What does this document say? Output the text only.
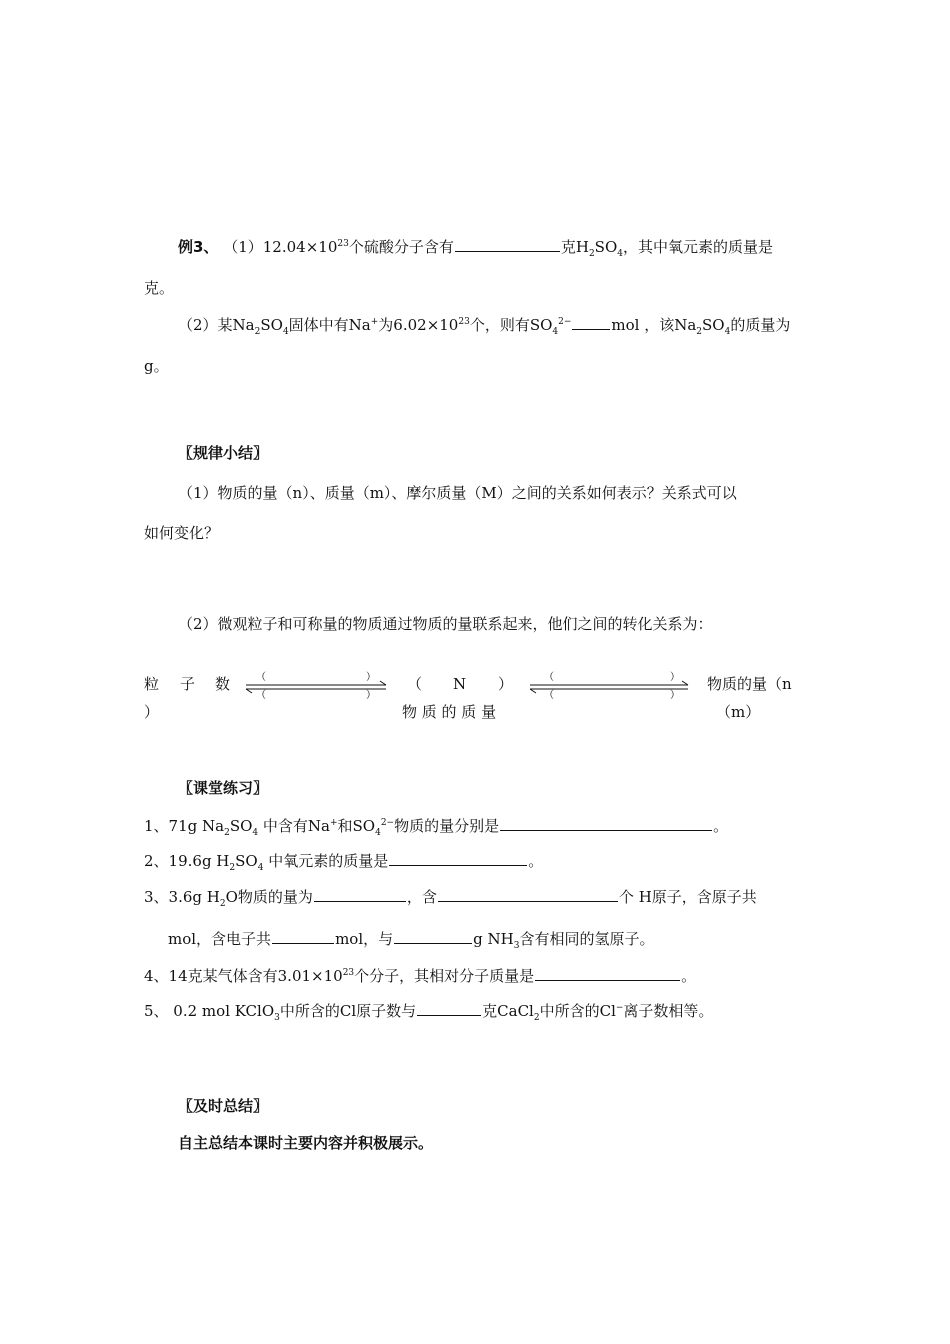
例3、 $(1)12.04\times 10^{23}$个硫酸分子含有	克$H_2SO_4$，其中氧元素的质量是
克。
（2）某$Na_2SO_4$固体中有Na+为$6.02\times 10^{23}$个，则有$SO_4^{2-}$	mol ，该$Na_2SO_4$的质量为
g。
〖规律小结〗
（1）物质的量（n）、质量（m）、摩尔质量（M）之间的关系如何表示？关系式可以
如何变化？
（2）微观粒子和可称量的物质通过物质的量联系起来，他们之间的转化关系为：
粒 子 数
）
（	）
（	）
（ N ）
物 质 的 质 量
（	）
（	）
物质的量（n
（m）
〖课堂练习〗
1、71g $Na_2SO_4$ 中含有Na+和$SO_4^{2-}$物质的量分别是	。
2、19.6g $H_2SO_4$ 中氧元素的质量是	。
3、3.6g $H_2O$物质的量为	，含	个 H原子，含原子共
mol，含电子共	mol，与	g $NH_3$含有相同的氢原子。
4、14克某气体含有$3.01\times 10^{23}$个分子，其相对分子质量是	。
5、 0.2 mol KClO$_3$中所含的Cl原子数与	克CaCl$_2$中所含的Cl−离子数相等。
〖及时总结〗
自主总结本课时主要内容并积极展示。
